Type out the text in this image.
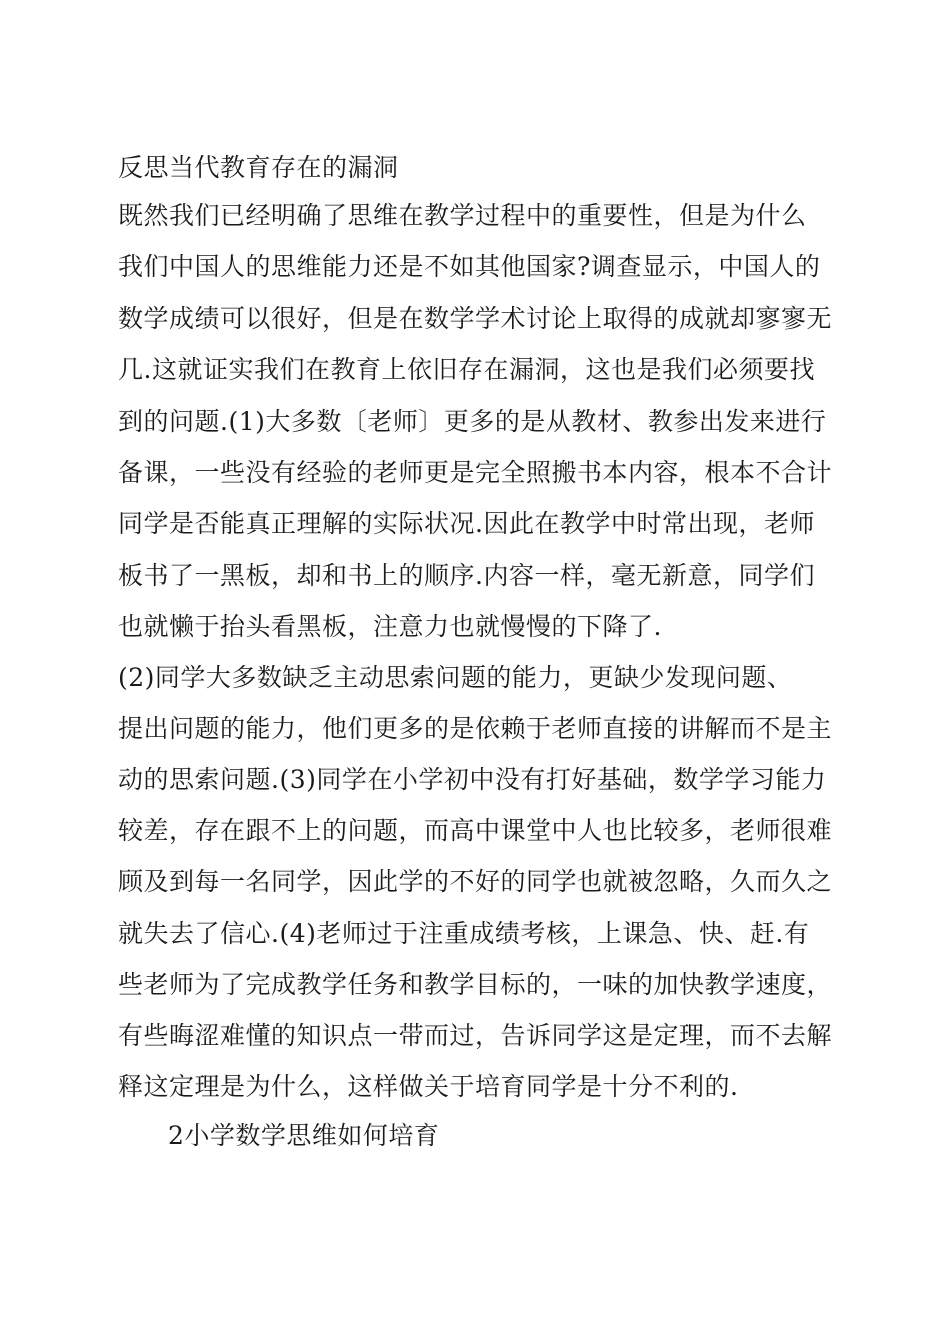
反思当代教育存在的漏洞
既然我们已经明确了思维在教学过程中的重要性，但是为什么
我们中国人的思维能力还是不如其他国家?调查显示，中国人的
数学成绩可以很好，但是在数学学术讨论上取得的成就却寥寥无
几.这就证实我们在教育上依旧存在漏洞，这也是我们必须要找
到的问题.(1)大多数〔老师〕更多的是从教材、教参出发来进行
备课，一些没有经验的老师更是完全照搬书本内容，根本不合计
同学是否能真正理解的实际状况.因此在教学中时常出现，老师
板书了一黑板，却和书上的顺序.内容一样，毫无新意，同学们
也就懒于抬头看黑板，注意力也就慢慢的下降了.
(2)同学大多数缺乏主动思索问题的能力，更缺少发现问题、
提出问题的能力，他们更多的是依赖于老师直接的讲解而不是主
动的思索问题.(3)同学在小学初中没有打好基础，数学学习能力
较差，存在跟不上的问题，而高中课堂中人也比较多，老师很难
顾及到每一名同学，因此学的不好的同学也就被忽略，久而久之
就失去了信心.(4)老师过于注重成绩考核，上课急、快、赶.有
些老师为了完成教学任务和教学目标的，一味的加快教学速度，
有些晦涩难懂的知识点一带而过，告诉同学这是定理，而不去解
释这定理是为什么，这样做关于培育同学是十分不利的.
2小学数学思维如何培育
